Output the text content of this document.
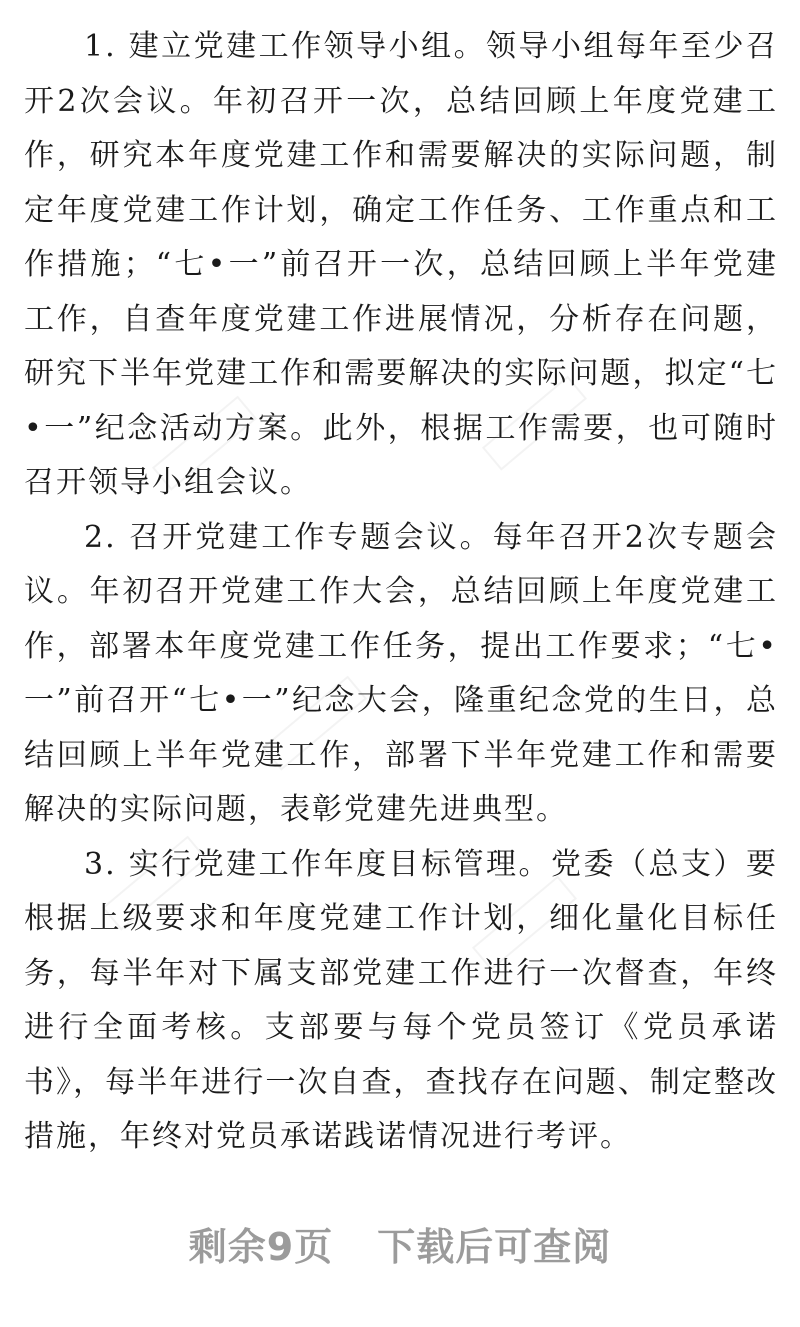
1. 建立党建工作领导小组。领导小组每年至少召开2次会议。年初召开一次，总结回顾上年度党建工作，研究本年度党建工作和需要解决的实际问题，制定年度党建工作计划，确定工作任务、工作重点和工作措施；“七•一”前召开一次，总结回顾上半年党建工作，自查年度党建工作进展情况，分析存在问题，研究下半年党建工作和需要解决的实际问题，拟定“七•一”纪念活动方案。此外，根据工作需要，也可随时召开领导小组会议。

2. 召开党建工作专题会议。每年召开2次专题会议。年初召开党建工作大会，总结回顾上年度党建工作，部署本年度党建工作任务，提出工作要求；“七•一”前召开“七•一”纪念大会，隆重纪念党的生日，总结回顾上半年党建工作，部署下半年党建工作和需要解决的实际问题，表彰党建先进典型。

3. 实行党建工作年度目标管理。党委（总支）要根据上级要求和年度党建工作计划，细化量化目标任务，每半年对下属支部党建工作进行一次督查，年终进行全面考核。支部要与每个党员签订《党员承诺书》，每半年进行一次自查，查找存在问题、制定整改措施，年终对党员承诺践诺情况进行考评。

剩余9页 下载后可查阅
